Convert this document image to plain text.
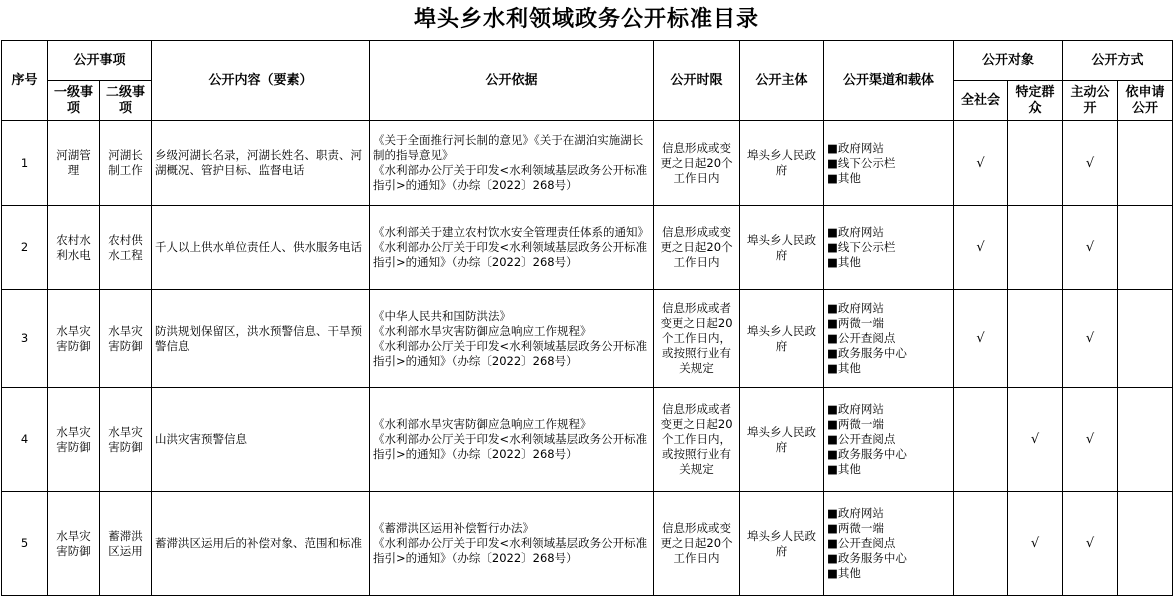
埠头乡水利领域政务公开标准目录
序号	公开事项		公开内容（要素）	公开依据	公开时限	公开主体	公开渠道和载体	公开对象		公开方式	
	一级事项	二级事项						全社会	特定群众	主动公开	依申请公开
1	河湖管理	河湖长制工作	乡级河湖长名录，河湖长姓名、职责、河湖概况、管护目标、监督电话	《关于全面推行河长制的意见》《关于在湖泊实施湖长制的指导意见》
《水利部办公厅关于印发<水利领域基层政务公开标准指引>的通知》（办综〔2022〕268号）	信息形成或变更之日起20个工作日内	埠头乡人民政府	■政府网站
■线下公示栏
■其他	√		√	
2	农村水利水电	农村供水工程	千人以上供水单位责任人、供水服务电话	《水利部关于建立农村饮水安全管理责任体系的通知》
《水利部办公厅关于印发<水利领域基层政务公开标准指引>的通知》（办综〔2022〕268号）	信息形成或变更之日起20个工作日内	埠头乡人民政府	■政府网站
■线下公示栏
■其他	√		√	
3	水旱灾害防御	水旱灾害防御	防洪规划保留区，洪水预警信息、干旱预警信息	《中华人民共和国防洪法》
《水利部水旱灾害防御应急响应工作规程》
《水利部办公厅关于印发<水利领域基层政务公开标准指引>的通知》（办综〔2022〕268号）	信息形成或者变更之日起20个工作日内，或按照行业有关规定	埠头乡人民政府	■政府网站
■两微一端
■公开查阅点
■政务服务中心
■其他	√		√	
4	水旱灾害防御	水旱灾害防御	山洪灾害预警信息	《水利部水旱灾害防御应急响应工作规程》
《水利部办公厅关于印发<水利领域基层政务公开标准指引>的通知》（办综〔2022〕268号）	信息形成或者变更之日起20个工作日内，或按照行业有关规定	埠头乡人民政府	■政府网站
■两微一端
■公开查阅点
■政务服务中心
■其他		√	√	
5	水旱灾害防御	蓄滞洪区运用	蓄滞洪区运用后的补偿对象、范围和标准	《蓄滞洪区运用补偿暂行办法》
《水利部办公厅关于印发<水利领域基层政务公开标准指引>的通知》（办综〔2022〕268号）	信息形成或变更之日起20个工作日内	埠头乡人民政府	■政府网站
■两微一端
■公开查阅点
■政务服务中心
■其他		√	√	
